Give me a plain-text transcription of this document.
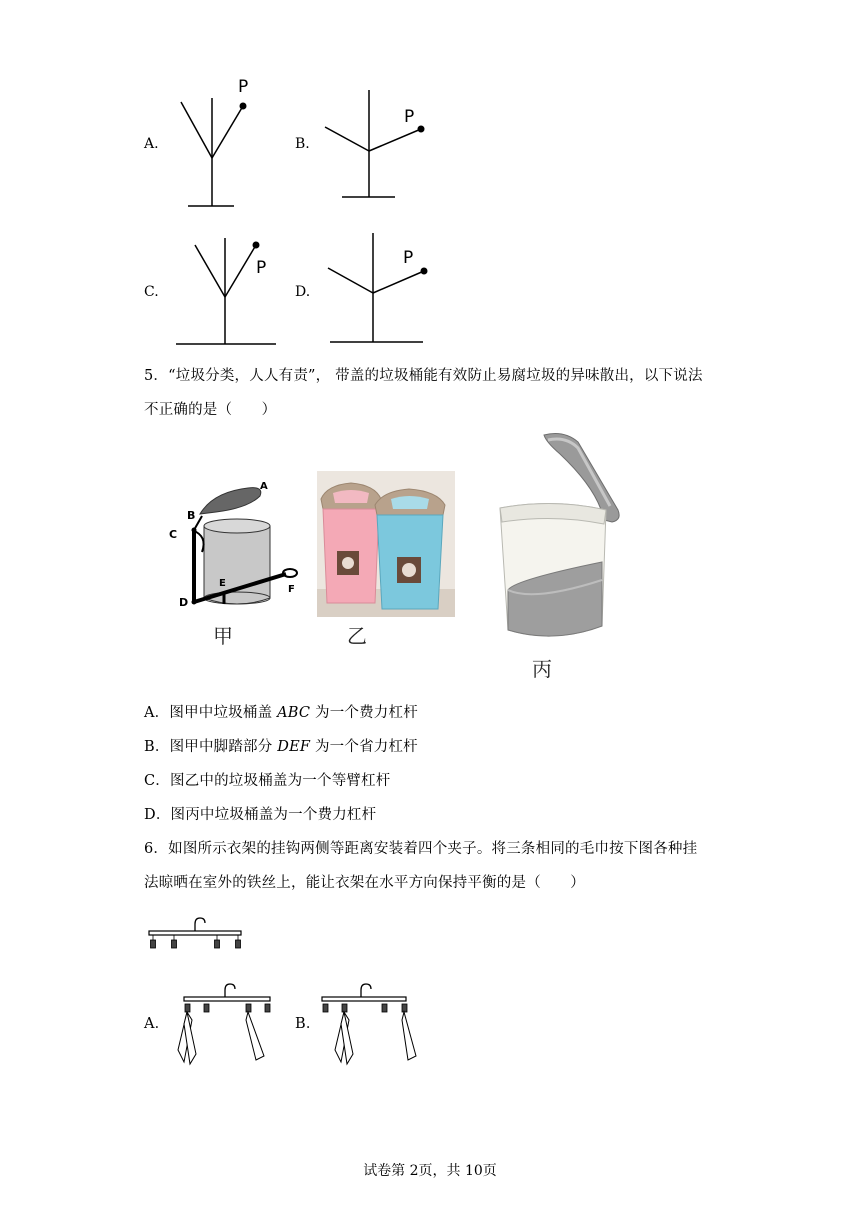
A.
P
B.
P
C.
P
D.
P
5．“垃圾分类，人人有责”， 带盖的垃圾桶能有效防止易腐垃圾的异味散出，以下说法
不正确的是（　　）
A
B
C
D
E
F
甲	乙
丙
A．图甲中垃圾桶盖 ABC 为一个费力杠杆
B．图甲中脚踏部分 DEF 为一个省力杠杆
C．图乙中的垃圾桶盖为一个等臂杠杆
D．图丙中垃圾桶盖为一个费力杠杆
6．如图所示衣架的挂钩两侧等距离安装着四个夹子。将三条相同的毛巾按下图各种挂
法晾晒在室外的铁丝上，能让衣架在水平方向保持平衡的是（　　）
A．	B．
试卷第 2页，共 10页
